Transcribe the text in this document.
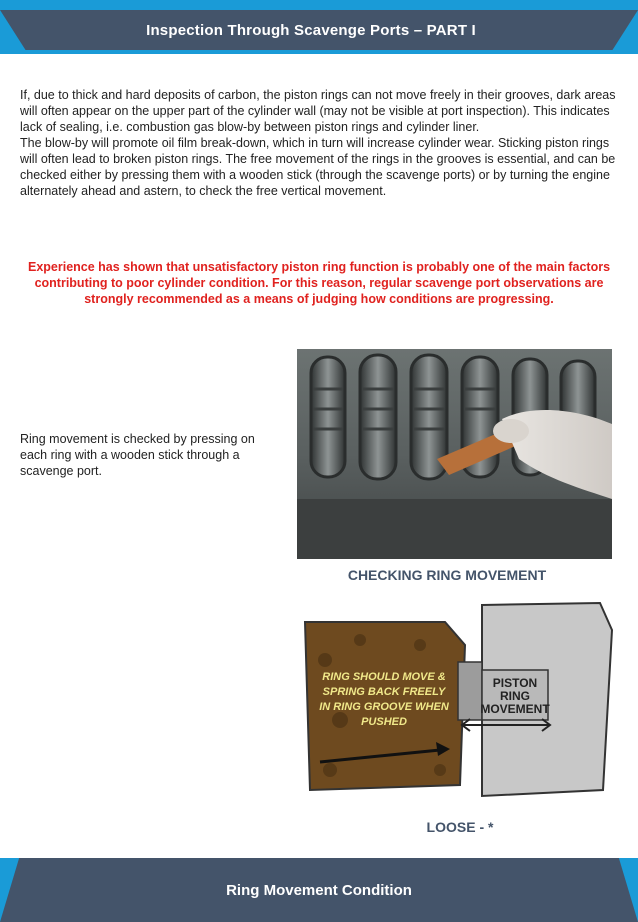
Inspection Through Scavenge Ports – PART I

If, due to thick and hard deposits of carbon, the piston rings can not move freely in their grooves, dark areas will often appear on the upper part of the cylinder wall (may not be visible at port inspection). This indicates lack of sealing, i.e. combustion gas blow-by between piston rings and cylinder liner.

The blow-by will promote oil film break-down, which in turn will increase cylinder wear. Sticking piston rings will often lead to broken piston rings. The free movement of the rings in the grooves is essential, and can be checked either by pressing them with a wooden stick (through the scavenge ports) or by turning the engine alternately ahead and astern, to check the free vertical movement.

Experience has shown that unsatisfactory piston ring function is probably one of the main factors contributing to poor cylinder condition. For this reason, regular scavenge port observations are strongly recommended as a means of judging how conditions are progressing.
Ring movement is checked by pressing on each ring with a wooden stick through a scavenge port.
CHECKING RING MOVEMENT
RING SHOULD MOVE &
SPRING BACK FREELY
IN RING GROOVE WHEN
PUSHED
PISTON
RING
MOVEMENT
LOOSE - *
Ring Movement Condition
